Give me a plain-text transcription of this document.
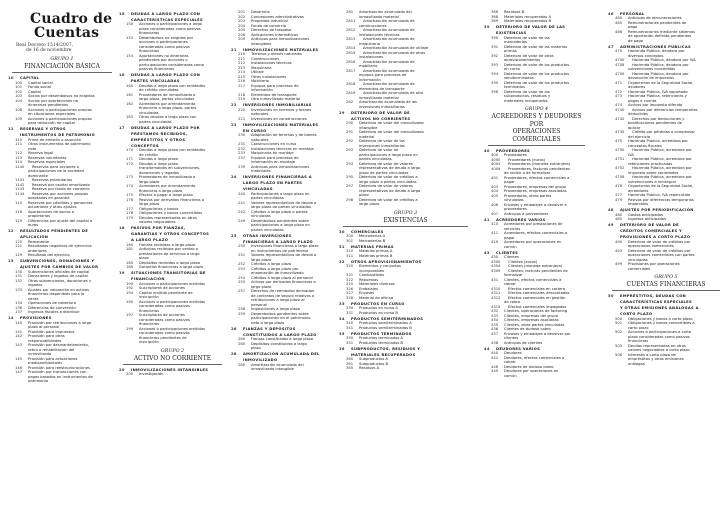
Cuadro de
Cuentas
Real Decreto 1514/2007,
de 16 de noviembre
GRUPO 1
FINANCIACIÓN BÁSICA
10 CAPITAL
100 Capital social
101 Fondo social
102 Capital
103 Socios por desembolsos no exigidos
104 Socios por aportaciones no
dinerarias pendientes
108 Acciones o participaciones propias
en situaciones especiales
109 Acciones o participaciones propias
para reducción de capital
11 RESERVAS Y OTROS
INSTRUMENTOS DE PATRIMONIO
110 Prima de emisión o asunción
111 Otros instrumentos de patrimonio
neto
112 Reserva legal
113 Reservas voluntarias
114 Reservas especiales
1140 Reservas para acciones o
participaciones de la sociedad
dominante
1141 Reservas estatutarias
1142 Reserva por capital amortizado
1143 Reserva por fondo de comercio
1144 Reservas por acciones propias
aceptadas en garantía
115 Reservas por pérdidas y ganancias
actuariales y otros ajustes
118 Aportaciones de socios o
propietarios
119 Diferencias por ajuste del capital a
euros
12 RESULTADOS PENDIENTES DE
APLICACIÓN
120 Remanente
121 Resultados negativos de ejercicios
anteriores
129 Resultado del ejercicio
13 SUBVENCIONES, DONACIONES Y
AJUSTES POR CAMBIOS DE VALOR
130 Subvenciones oficiales de capital
131 Donaciones y legados de capital
132 Otras subvenciones, donaciones y
legados
133 Ajustes por valoración en activos
financieros disponibles para la
venta
134 Operaciones de cobertura
136 Diferencias de conversión
137 Ingresos fiscales a distribuir
14 PROVISIONES
140 Provisión por retribuciones a largo
plazo al personal
141 Provisión para impuestos
142 Provisión para otras
responsabilidades
143 Provisión por desmantelamiento,
retiro o rehabilitación del
inmovilizado
145 Provisión para actuaciones
medioambientales
146 Provisión para reestructuraciones
147 Provisión por transacciones con
pagos basados en instrumentos de
patrimonio
15 DEUDAS A LARGO PLAZO CON
CARACTERÍSTICAS ESPECIALES
150 Acciones o participaciones a largo
plazo consideradas como pasivos
financieros
153 Desembolsos no exigidos por
acciones o participaciones
consideradas como pasivos
financieros
154 Aportaciones no dinerarias
pendientes por acciones o
participaciones consideradas como
pasivos financieros
16 DEUDAS A LARGO PLAZO CON
PARTES VINCULADAS
160 Deudas a largo plazo con entidades
de crédito vinculadas
161 Proveedores de inmovilizado a
largo plazo, partes vinculadas
162 Acreedores por arrendamiento
financiero a largo plazo, partes
vinculadas
163 Otras deudas a largo plazo con
partes vinculadas
17 DEUDAS A LARGO PLAZO POR
PRÉSTAMOS RECIBIDOS,
EMPRÉSTITOS Y OTROS
CONCEPTOS
170 Deudas a largo plazo con entidades
de crédito
171 Deudas a largo plazo
172 Deudas a largo plazo
transformables en subvenciones,
donaciones y legados
173 Proveedores de inmovilizado a
largo plazo
174 Acreedores por arrendamiento
financiero a largo plazo
175 Efectos a pagar a largo plazo
176 Pasivos por derivados financieros a
largo plazo
177 Obligaciones y bonos
178 Obligaciones y bonos convertibles
179 Deudas representadas en otros
valores negociables
18 PASIVOS POR FIANZAS,
GARANTÍAS Y OTROS CONCEPTOS
A LARGO PLAZO
180 Fianzas recibidas a largo plazo
181 Anticipos recibidos por ventas o
prestaciones de servicios a largo
plazo
185 Depósitos recibidos a largo plazo
189 Garantías financieras a largo plazo
19 SITUACIONES TRANSITORIAS DE
FINANCIACIÓN
190 Acciones o participaciones emitidas
192 Suscriptores de acciones
194 Capital emitido pendiente de
inscripción
195 Acciones o participaciones emitidas
consideradas como pasivos
financieros
197 Suscriptores de acciones
consideradas como pasivos
financieros
199 Acciones o participaciones emitidas
consideradas como pasivos
financieros pendientes de
inscripción
GRUPO 2
ACTIVO NO CORRIENTE
20 INMOVILIZACIONES INTANGIBLES
200 Investigación
201 Desarrollo
202 Concesiones administrativas
203 Propiedad industrial
204 Fondo de comercio
205 Derechos de traspaso
206 Aplicaciones informáticas
209 Anticipos para inmovilizaciones
intangibles
21 INMOVILIZACIONES MATERIALES
210 Terrenos y bienes naturales
211 Construcciones
212 Instalaciones técnicas
213 Maquinaria
214 Utillaje
215 Otras instalaciones
216 Mobiliario
217 Equipos para procesos de
información
218 Elementos de transporte
219 Otro inmovilizado material
22 INVERSIONES INMOBILIARIAS
220 Inversiones en terrenos y bienes
naturales
221 Inversiones en construcciones
23 INMOVILIZACIONES MATERIALES
EN CURSO
230 Adaptación de terrenos y de bienes
naturales
231 Construcciones en curso
232 Instalaciones técnicas en montaje
233 Maquinaria en montaje
237 Equipos para procesos de
información en montaje
239 Anticipos para inmovilizaciones
materiales
24 INVERSIONES FINANCIERAS A
LARGO PLAZO EN PARTES
VINCULADAS
240 Participaciones a largo plazo en
partes vinculadas
241 Valores representativos de deuda a
largo plazo de partes vinculadas
242 Créditos a largo plazo a partes
vinculadas
249 Desembolsos pendientes sobre
participaciones a largo plazo en
partes vinculadas
25 OTRAS INVERSIONES
FINANCIERAS A LARGO PLAZO
250 Inversiones financieras a largo plazo
en instrumentos de patrimonio
251 Valores representativos de deuda a
largo plazo
252 Créditos a largo plazo
253 Créditos a largo plazo por
enajenación de inmovilizado
254 Créditos a largo plazo al personal
255 Activos por derivados financieros a
largo plazo
257 Derechos de reembolso derivados
de contratos de seguro relativos a
retribuciones a largo plazo al
personal
258 Imposiciones a largo plazo
259 Desembolsos pendientes sobre
participaciones en el patrimonio
neto a largo plazo
26 FIANZAS Y DEPÓSITOS
CONSTITUIDOS A LARGO PLAZO
260 Fianzas constituidas a largo plazo
265 Depósitos constituidos a largo
plazo
28 AMORTIZACIÓN ACUMULADA DEL
INMOVILIZADO
280 Amortización acumulada del
inmovilizado intangible
281 Amortización acumulada del
inmovilizado material
2811 Amortización acumulada de
construcciones
2812 Amortización acumulada de
instalaciones técnicas
2813 Amortización acumulada de
maquinaria
2814 Amortización acumulada de utillaje
2815 Amortización acumulada de otras
instalaciones
2816 Amortización acumulada de
mobiliario
2817 Amortización acumulada de
equipos para procesos de
información
2818 Amortización acumulada de
elementos de transporte
2819 Amortización acumulada de otro
inmovilizado material
282 Amortización acumulada de las
inversiones inmobiliarias
29 DETERIORO DE VALOR DE
ACTIVOS NO CORRIENTES
290 Deterioro de valor del inmovilizado
intangible
291 Deterioro de valor del inmovilizado
material
292 Deterioro de valor de las
inversiones inmobiliarias
293 Deterioro de valor de
participaciones a largo plazo en
partes vinculadas
294 Deterioro de valor de valores
representativos de deuda a largo
plazo de partes vinculadas
295 Deterioro de valor de créditos a
largo plazo a partes vinculadas
297 Deterioro de valor de valores
representativos de deuda a largo
plazo
298 Deterioro de valor de créditos a
largo plazo
GRUPO 3
EXISTENCIAS
30 COMERCIALES
300 Mercaderías A
301 Mercaderías B
31 MATERIAS PRIMAS
310 Materias primas A
311 Materias primas B
32 OTROS APROVISIONAMIENTOS
320 Elementos y conjuntos
incorporables
321 Combustibles
322 Repuestos
325 Materiales diversos
326 Embalajes
327 Envases
328 Material de oficina
33 PRODUCTOS EN CURSO
330 Productos en curso A
331 Productos en curso B
34 PRODUCTOS SEMITERMINADOS
340 Productos semiterminados A
341 Productos semiterminados B
35 PRODUCTOS TERMINADOS
350 Productos terminados A
351 Productos terminados B
36 SUBPRODUCTOS, RESIDUOS Y
MATERIALES RECUPERADOS
360 Subproductos A
361 Subproductos B
365 Residuos A
366 Residuos B
368 Materiales recuperados A
369 Materiales recuperados B
39 DETERIORO DE VALOR DE LAS
EXISTENCIAS
390 Deterioro de valor de las
mercaderías
391 Deterioro de valor de las materias
primas
392 Deterioro de valor de otros
aprovisionamientos
393 Deterioro de valor de los productos
en curso
394 Deterioro de valor de los productos
semiterminados
395 Deterioro de valor de los productos
terminados
396 Deterioro de valor de los
subproductos, residuos y
materiales recuperados
GRUPO 4
ACREEDORES Y DEUDORES POR
OPERACIONES COMERCIALES
40 PROVEEDORES
400 Proveedores
4000 Proveedores (euros)
4004 Proveedores (moneda extranjera)
4009 Proveedores, facturas pendientes
de recibir o de formalizar
401 Proveedores, efectos comerciales a
pagar
403 Proveedores, empresas del grupo
404 Proveedores, empresas asociadas
405 Proveedores, otras partes
vinculadas
406 Envases y embalajes a devolver a
proveedores
407 Anticipos a proveedores
41 ACREEDORES VARIOS
410 Acreedores por prestaciones de
servicios
411 Acreedores, efectos comerciales a
pagar
419 Acreedores por operaciones en
común
43 CLIENTES
430 Clientes
4300 Clientes (euros)
4304 Clientes (moneda extranjera)
4309 Clientes, facturas pendientes de
formalizar
431 Clientes, efectos comerciales a
cobrar
4310 Efectos comerciales en cartera
4311 Efectos comerciales descontados
4312 Efectos comerciales en gestión
de cobro
4315 Efectos comerciales impagados
432 Clientes, operaciones de factoring
433 Clientes, empresas del grupo
434 Clientes, empresas asociadas
435 Clientes, otras partes vinculadas
436 Clientes de dudoso cobro
437 Envases y embalajes a devolver por
clientes
438 Anticipos de clientes
44 DEUDORES VARIOS
440 Deudores
441 Deudores, efectos comerciales a
cobrar
446 Deudores de dudoso cobro
449 Deudores por operaciones en
común
46 PERSONAL
460 Anticipos de remuneraciones
465 Remuneraciones pendientes de
pago
466 Remuneraciones mediante sistemas
de aportación definida pendientes
de pago
47 ADMINISTRACIONES PÚBLICAS
470 Hacienda Pública, deudora por
diversos conceptos
4700 Hacienda Pública, deudora por IVA
4708 Hacienda Pública, deudora por
subvenciones concedidas
4709 Hacienda Pública, deudora por
devolución de impuestos
471 Organismos de la Seguridad Social,
deudores
472 Hacienda Pública, IVA soportado
473 Hacienda Pública, retenciones y
pagos a cuenta
474 Activos por impuesto diferido
4740 Activos por diferencias temporarias
deducibles
4742 Derechos por deducciones y
bonificaciones pendientes de
aplicar
4745 Crédito por pérdidas a compensar
del ejercicio
475 Hacienda Pública, acreedora por
conceptos fiscales
4750 Hacienda Pública, acreedora por
IVA
4751 Hacienda Pública, acreedora por
retenciones practicadas
4752 Hacienda Pública, acreedora por
impuesto sobre sociedades
4758 Hacienda Pública, acreedora por
subvenciones a reintegrar
476 Organismos de la Seguridad Social,
acreedores
477 Hacienda Pública, IVA repercutido
479 Pasivos por diferencias temporarias
imponibles
48 AJUSTES POR PERIODIFICACIÓN
480 Gastos anticipados
485 Ingresos anticipados
49 DETERIORO DE VALOR DE
CRÉDITOS COMERCIALES Y
PROVISIONES A CORTO PLAZO
490 Deterioro de valor de créditos por
operaciones comerciales
493 Deterioro de valor de créditos por
operaciones comerciales con partes
vinculadas
499 Provisiones por operaciones
comerciales
GRUPO 5
CUENTAS FINANCIERAS
50 EMPRÉSTITOS, DEUDAS CON
CARACTERÍSTICAS ESPECIALES
Y OTRAS EMISIONES ANÁLOGAS A
CORTO PLAZO
500 Obligaciones y bonos a corto plazo
501 Obligaciones y bonos convertibles a
corto plazo
502 Acciones o participaciones a corto
plazo consideradas como pasivos
financieros
505 Deudas representadas en otros
valores negociables a corto plazo
506 Intereses a corto plazo de
empréstitos y otras emisiones
análogas
